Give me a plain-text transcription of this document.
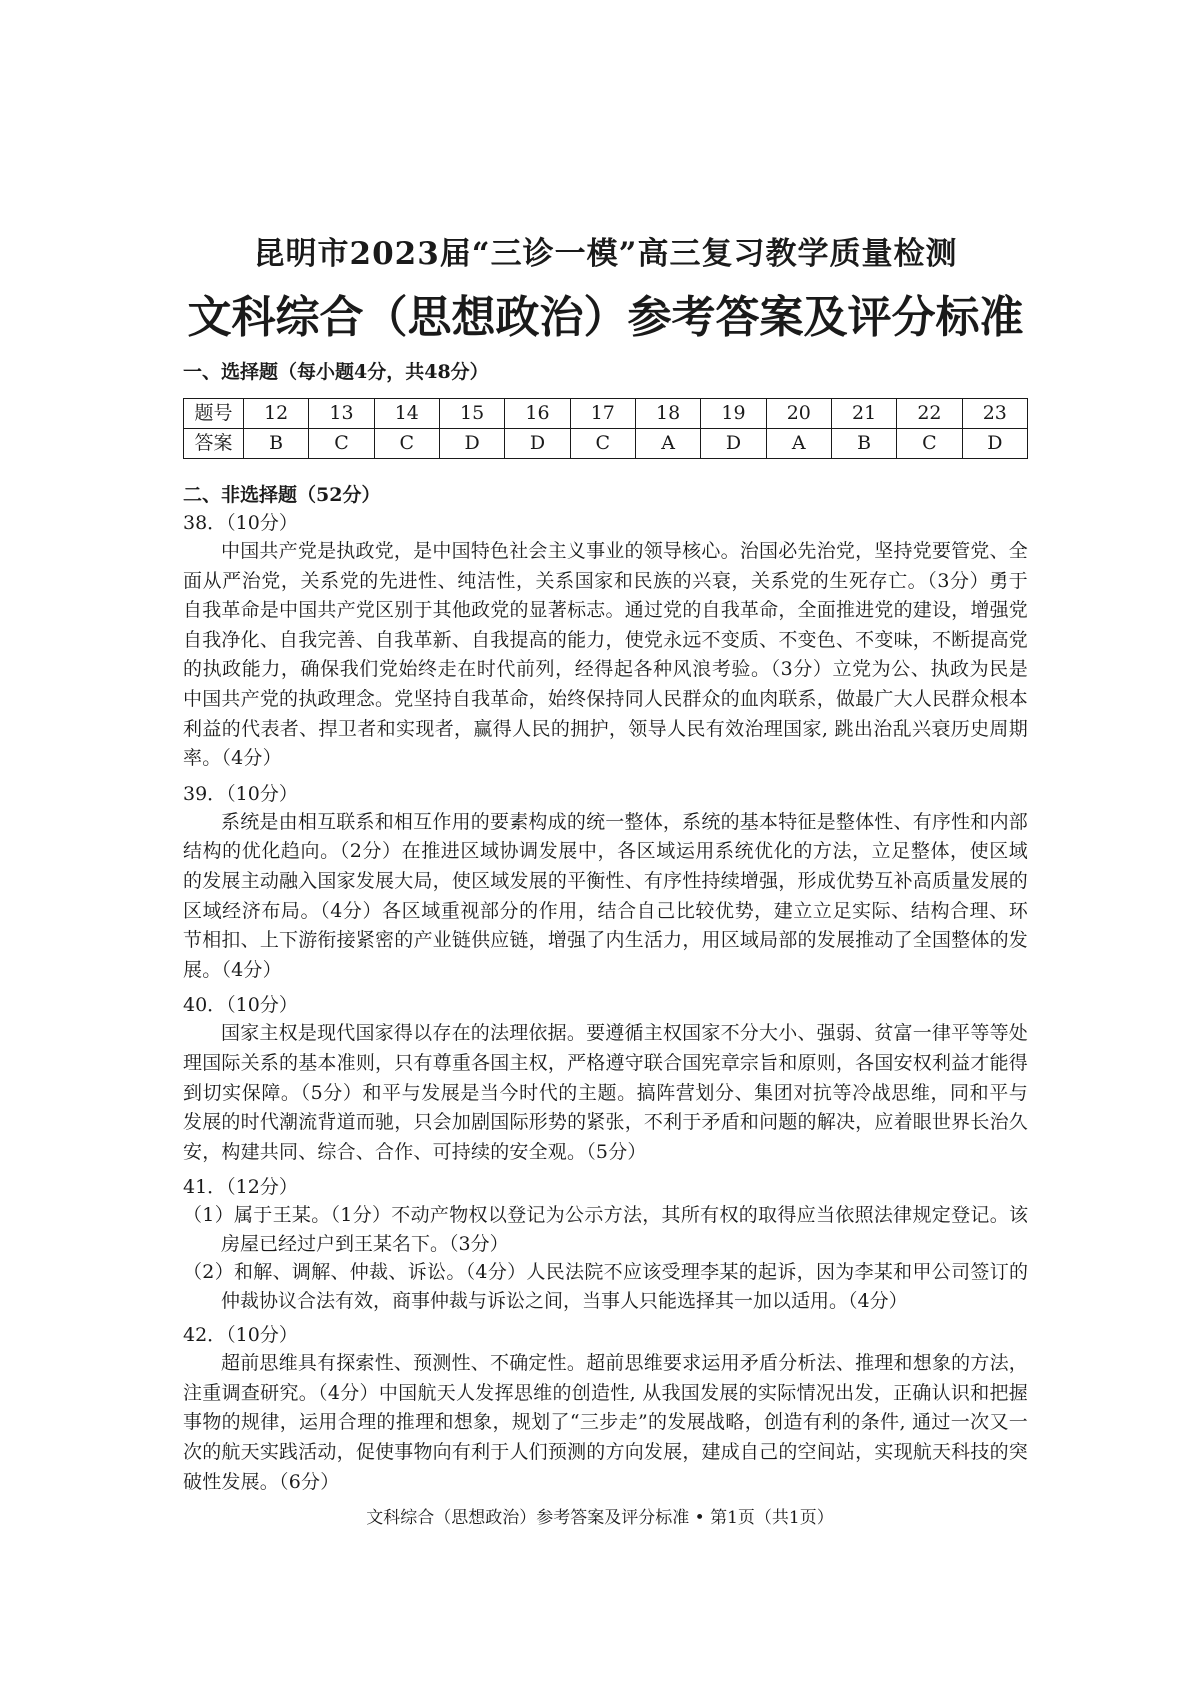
昆明市2023届“三诊一模”高三复习教学质量检测
文科综合（思想政治）参考答案及评分标准
一、选择题（每小题4分，共48分）
题号	12	13	14	15	16	17	18	19	20	21	22	23
答案	B	C	C	D	D	C	A	D	A	B	C	D
二、非选择题（52分）
38．（10分）

中国共产党是执政党，是中国特色社会主义事业的领导核心。治国必先治党，坚持党要管党、全面从严治党，关系党的先进性、纯洁性，关系国家和民族的兴衰，关系党的生死存亡。（3分）勇于自我革命是中国共产党区别于其他政党的显著标志。通过党的自我革命，全面推进党的建设，增强党自我净化、自我完善、自我革新、自我提高的能力，使党永远不变质、不变色、不变味，不断提高党的执政能力，确保我们党始终走在时代前列，经得起各种风浪考验。（3分）立党为公、执政为民是中国共产党的执政理念。党坚持自我革命，始终保持同人民群众的血肉联系，做最广大人民群众根本利益的代表者、捍卫者和实现者，赢得人民的拥护，领导人民有效治理国家, 跳出治乱兴衰历史周期率。（4分）

39．（10分）

系统是由相互联系和相互作用的要素构成的统一整体，系统的基本特征是整体性、有序性和内部结构的优化趋向。（2分）在推进区域协调发展中，各区域运用系统优化的方法，立足整体，使区域的发展主动融入国家发展大局，使区域发展的平衡性、有序性持续增强，形成优势互补高质量发展的区域经济布局。（4分）各区域重视部分的作用，结合自己比较优势，建立立足实际、结构合理、环节相扣、上下游衔接紧密的产业链供应链，增强了内生活力，用区域局部的发展推动了全国整体的发展。（4分）

40．（10分）

国家主权是现代国家得以存在的法理依据。要遵循主权国家不分大小、强弱、贫富一律平等等处理国际关系的基本准则，只有尊重各国主权，严格遵守联合国宪章宗旨和原则，各国安权利益才能得到切实保障。（5分）和平与发展是当今时代的主题。搞阵营划分、集团对抗等冷战思维，同和平与发展的时代潮流背道而驰，只会加剧国际形势的紧张，不利于矛盾和问题的解决，应着眼世界长治久安，构建共同、综合、合作、可持续的安全观。（5分）

41．（12分）

（1）属于王某。（1分）不动产物权以登记为公示方法，其所有权的取得应当依照法律规定登记。该房屋已经过户到王某名下。（3分）

（2）和解、调解、仲裁、诉讼。（4分）人民法院不应该受理李某的起诉，因为李某和甲公司签订的仲裁协议合法有效，商事仲裁与诉讼之间，当事人只能选择其一加以适用。（4分）

42．（10分）

超前思维具有探索性、预测性、不确定性。超前思维要求运用矛盾分析法、推理和想象的方法，注重调查研究。（4分）中国航天人发挥思维的创造性, 从我国发展的实际情况出发，正确认识和把握事物的规律，运用合理的推理和想象，规划了“三步走”的发展战略，创造有利的条件, 通过一次又一次的航天实践活动，促使事物向有利于人们预测的方向发展，建成自己的空间站，实现航天科技的突破性发展。（6分）

文科综合（思想政治）参考答案及评分标准 • 第1页（共1页）
